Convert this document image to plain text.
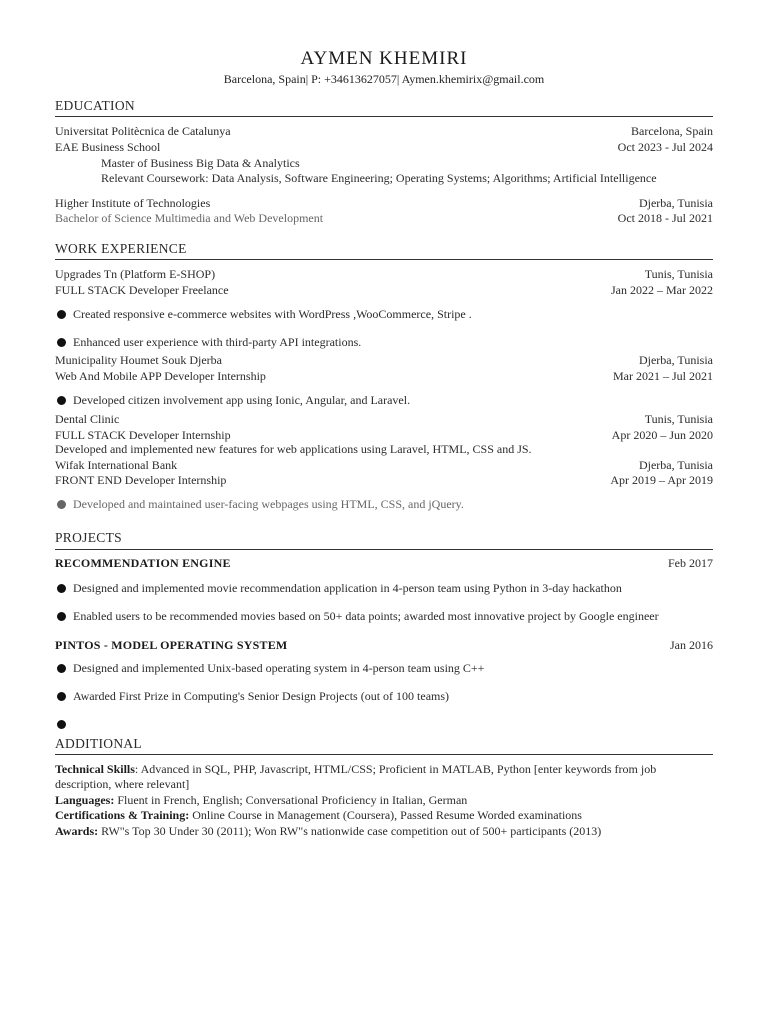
AYMEN KHEMIRI
Barcelona, Spain| P: +34613627057| Aymen.khemirix@gmail.com
EDUCATION
Universitat Politècnica de Catalunya	Barcelona, Spain
EAE Business School	Oct 2023 - Jul 2024
Master of Business Big Data & Analytics
Relevant Coursework: Data Analysis, Software Engineering; Operating Systems; Algorithms; Artificial Intelligence
Higher Institute of Technologies	Djerba, Tunisia
Bachelor of Science Multimedia and Web Development	Oct 2018 - Jul 2021
WORK EXPERIENCE
Upgrades Tn (Platform E-SHOP)	Tunis, Tunisia
FULL STACK Developer Freelance	Jan 2022 – Mar 2022
Created responsive e-commerce websites with WordPress ,WooCommerce, Stripe .
Enhanced user experience with third-party API integrations.
Municipality Houmet Souk Djerba	Djerba, Tunisia
Web And Mobile APP Developer Internship	Mar 2021 – Jul 2021
Developed citizen involvement app using Ionic, Angular, and Laravel.
Dental Clinic	Tunis, Tunisia
FULL STACK Developer Internship	Apr 2020 – Jun 2020
Developed and implemented new features for web applications using Laravel, HTML, CSS and JS.
Wifak International Bank	Djerba, Tunisia
FRONT END Developer Internship	Apr 2019 – Apr 2019
Developed and maintained user-facing webpages using HTML, CSS, and jQuery.
PROJECTS
RECOMMENDATION ENGINE	Feb 2017
Designed and implemented movie recommendation application in 4-person team using Python in 3-day hackathon
Enabled users to be recommended movies based on 50+ data points; awarded most innovative project by Google engineer
PINTOS - MODEL OPERATING SYSTEM	Jan 2016
Designed and implemented Unix-based operating system in 4-person team using C++
Awarded First Prize in Computing's Senior Design Projects (out of 100 teams)
ADDITIONAL
Technical Skills: Advanced in SQL, PHP, Javascript, HTML/CSS; Proficient in MATLAB, Python [enter keywords from job description, where relevant]
Languages: Fluent in French, English; Conversational Proficiency in Italian, German
Certifications & Training: Online Course in Management (Coursera), Passed Resume Worded examinations
Awards: RW"s Top 30 Under 30 (2011); Won RW"s nationwide case competition out of 500+ participants (2013)
